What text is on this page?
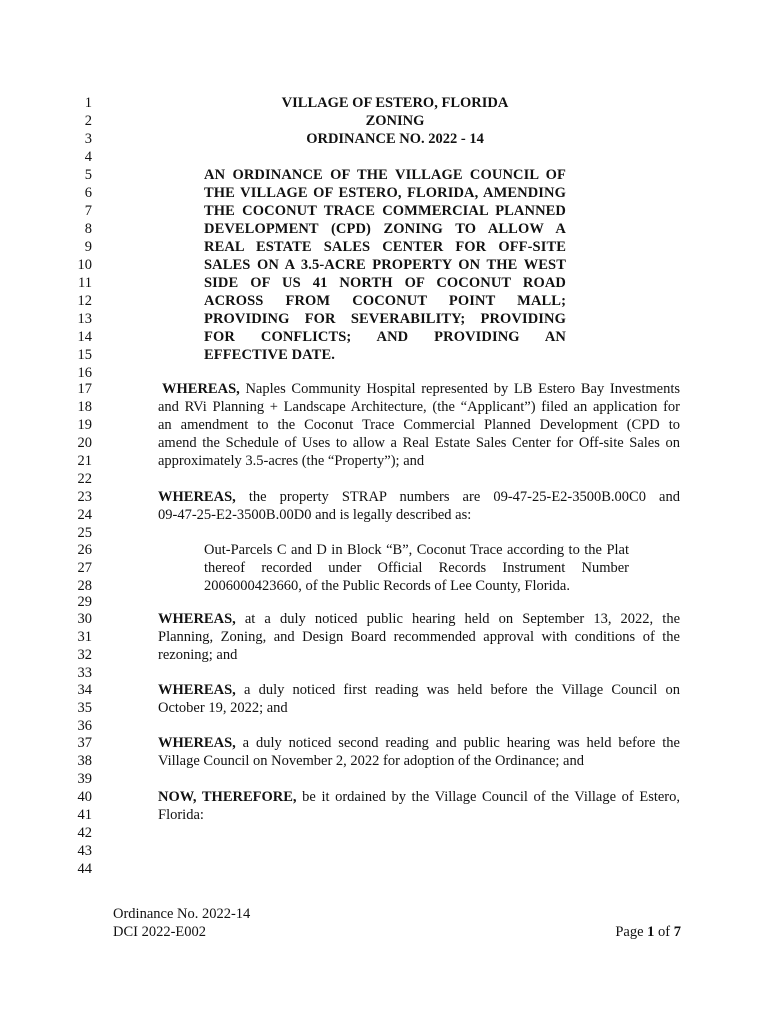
1
2
3
4
5
6
7
8
9
10
11
12
13
14
15
16
17
18
19
20
21
22
23
24
25
26
27
28
29
30
31
32
33
34
35
36
37
38
39
40
41
42
43
44
VILLAGE OF ESTERO, FLORIDA
ZONING
ORDINANCE NO. 2022 - 14
AN ORDINANCE OF THE VILLAGE COUNCIL OF
THE VILLAGE OF ESTERO, FLORIDA, AMENDING
THE COCONUT TRACE COMMERCIAL PLANNED
DEVELOPMENT (CPD) ZONING TO ALLOW A
REAL ESTATE SALES CENTER FOR OFF-SITE
SALES ON A 3.5-ACRE PROPERTY ON THE WEST
SIDE OF US 41 NORTH OF COCONUT ROAD
ACROSS FROM COCONUT POINT MALL;
PROVIDING FOR SEVERABILITY; PROVIDING
FOR CONFLICTS; AND PROVIDING AN
EFFECTIVE DATE.
WHEREAS, Naples Community Hospital represented by LB Estero Bay Investments
and RVi Planning + Landscape Architecture, (the “Applicant”) filed an application for
an amendment to the Coconut Trace Commercial Planned Development (CPD to
amend the Schedule of Uses to allow a Real Estate Sales Center for Off-site Sales on
approximately 3.5-acres (the “Property”); and
WHEREAS, the property STRAP numbers are 09-47-25-E2-3500B.00C0 and
09-47-25-E2-3500B.00D0 and is legally described as:
Out-Parcels C and D in Block “B”, Coconut Trace according to the Plat
thereof recorded under Official Records Instrument Number
2006000423660, of the Public Records of Lee County, Florida.
WHEREAS, at a duly noticed public hearing held on September 13, 2022, the
Planning, Zoning, and Design Board recommended approval with conditions of the
rezoning; and
WHEREAS, a duly noticed first reading was held before the Village Council on
October 19, 2022; and
WHEREAS, a duly noticed second reading and public hearing was held before the
Village Council on November 2, 2022 for adoption of the Ordinance; and
NOW, THEREFORE, be it ordained by the Village Council of the Village of Estero,
Florida:
Ordinance No. 2022-14
DCI 2022-E002	Page 1 of 7
